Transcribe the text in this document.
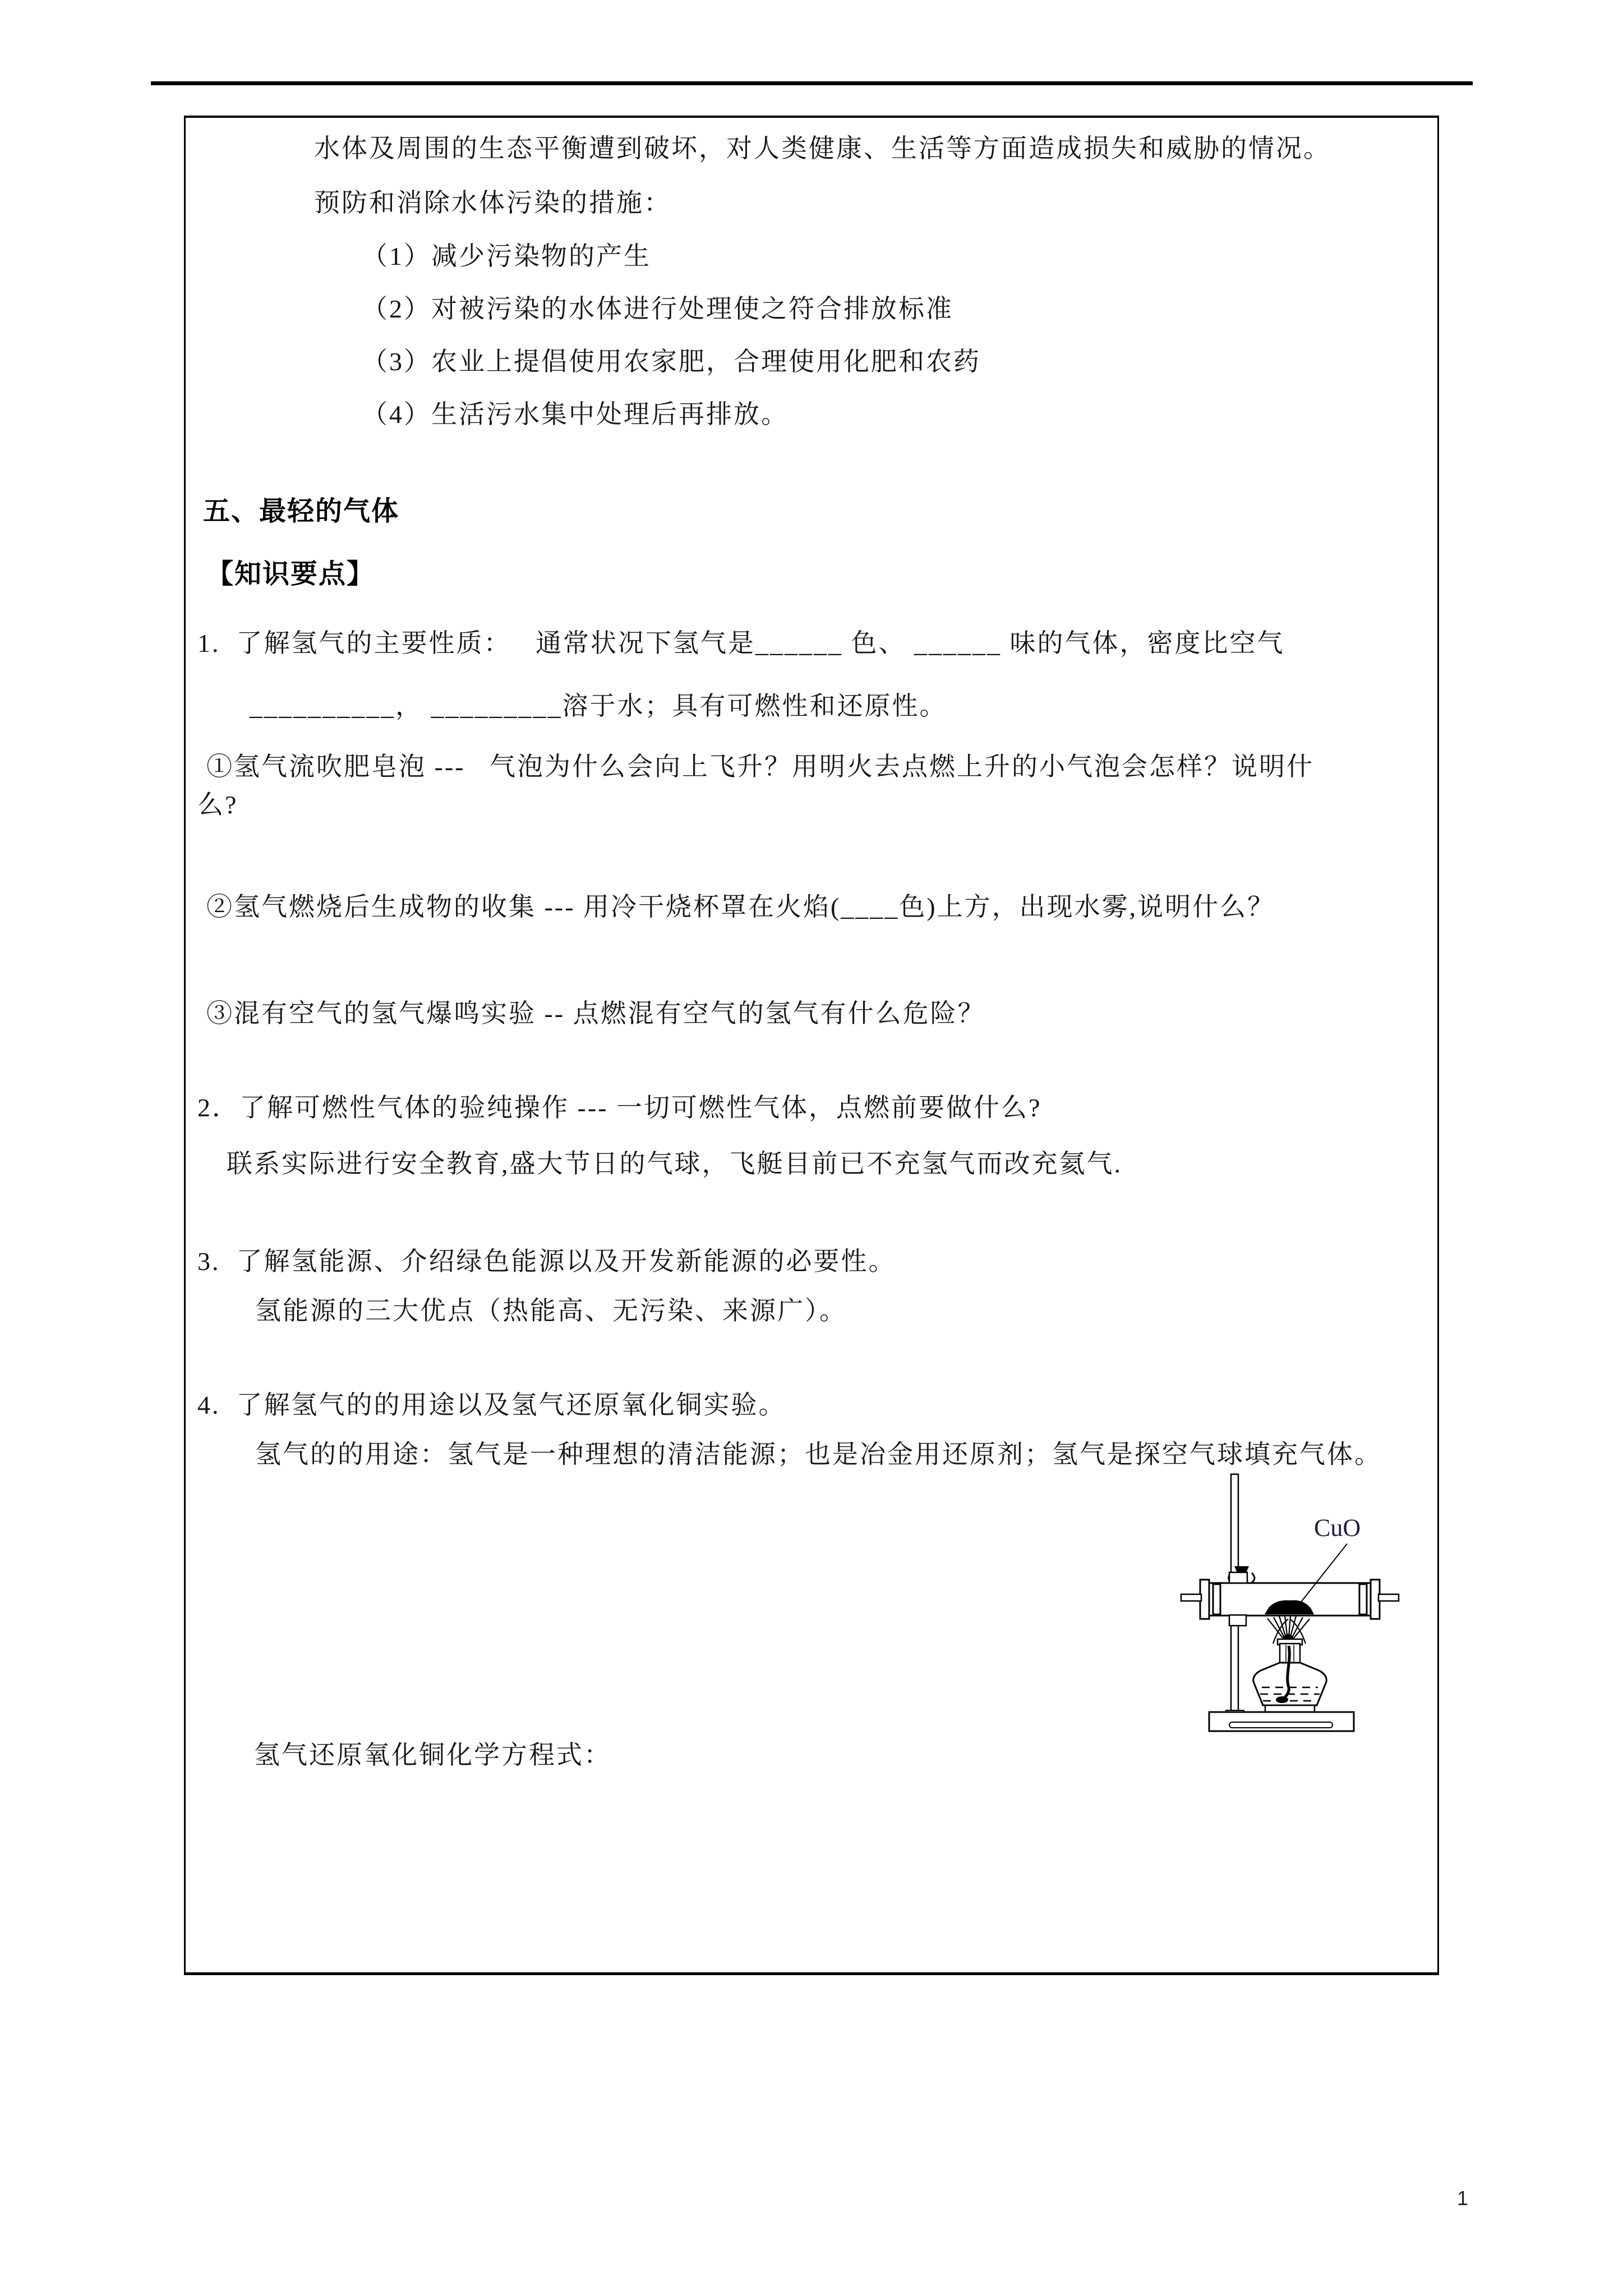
水体及周围的生态平衡遭到破坏，对人类健康、生活等方面造成损失和威胁的情况。
预防和消除水体污染的措施：
（1）减少污染物的产生
（2）对被污染的水体进行处理使之符合排放标准
（3）农业上提倡使用农家肥，合理使用化肥和农药
（4）生活污水集中处理后再排放。
五、最轻的气体
【知识要点】
1.  了解氢气的主要性质：   通常状况下氢气是______ 色、 ______ 味的气体，密度比空气
__________， _________溶于水；具有可燃性和还原性。
①氢气流吹肥皂泡 ---   气泡为什么会向上飞升？用明火去点燃上升的小气泡会怎样？说明什
么?
②氢气燃烧后生成物的收集 --- 用冷干烧杯罩在火焰(____色)上方，出现水雾,说明什么？
③混有空气的氢气爆鸣实验 -- 点燃混有空气的氢气有什么危险？
2．了解可燃性气体的验纯操作 --- 一切可燃性气体，点燃前要做什么?
联系实际进行安全教育,盛大节日的气球，飞艇目前已不充氢气而改充氦气.
3.  了解氢能源、介绍绿色能源以及开发新能源的必要性。
氢能源的三大优点（热能高、无污染、来源广）。
4.  了解氢气的的用途以及氢气还原氧化铜实验。
氢气的的用途：氢气是一种理想的清洁能源；也是冶金用还原剂；氢气是探空气球填充气体。
氢气还原氧化铜化学方程式：
CuO
1
